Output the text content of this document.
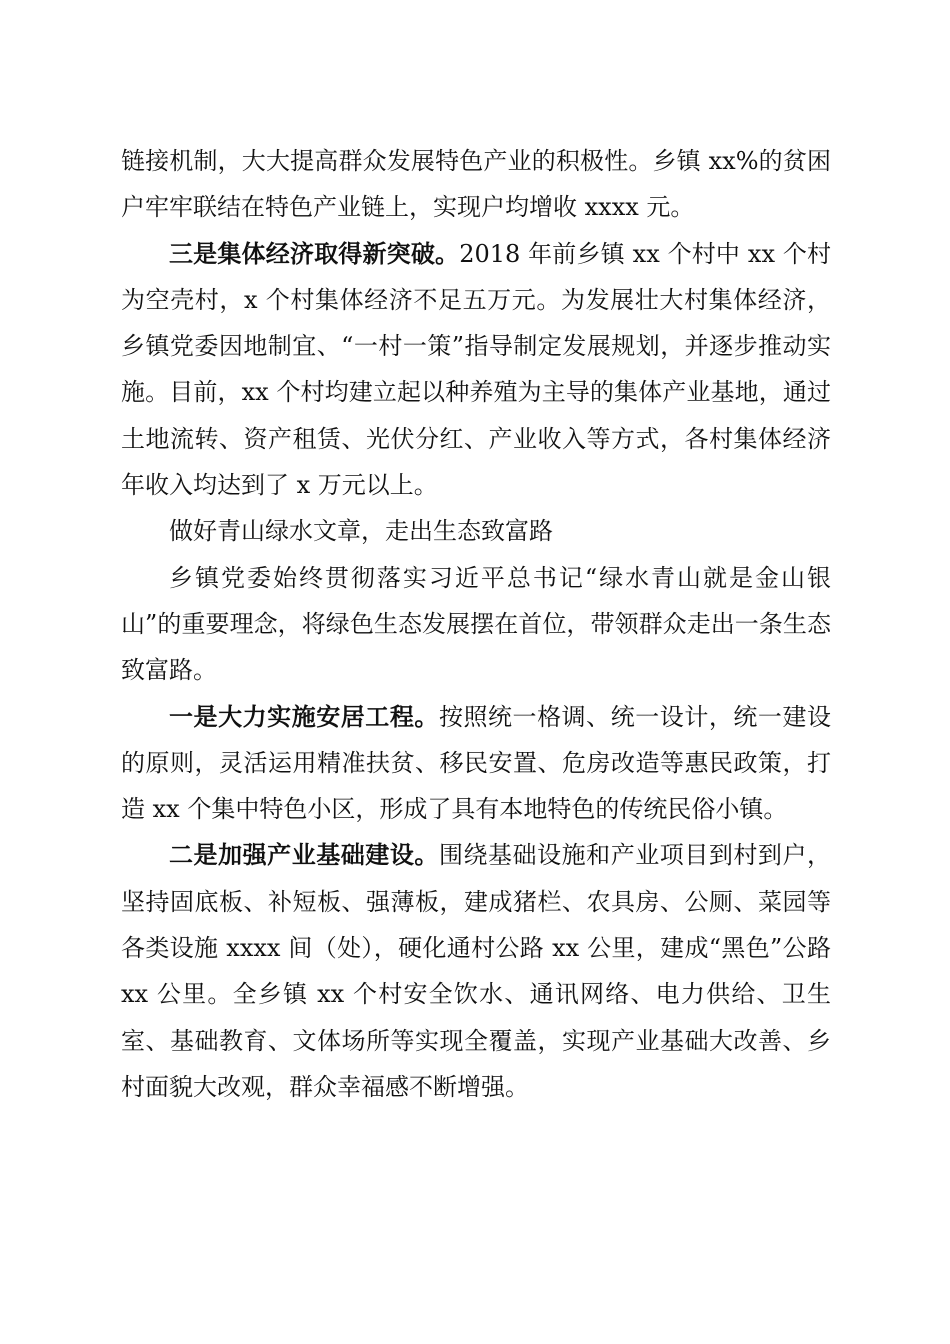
链接机制，大大提高群众发展特色产业的积极性。乡镇 xx%的贫困户牢牢联结在特色产业链上，实现户均增收 xxxx 元。

三是集体经济取得新突破。2018 年前乡镇 xx 个村中 xx 个村为空壳村，x 个村集体经济不足五万元。为发展壮大村集体经济，乡镇党委因地制宜、“一村一策”指导制定发展规划，并逐步推动实施。目前，xx 个村均建立起以种养殖为主导的集体产业基地，通过土地流转、资产租赁、光伏分红、产业收入等方式，各村集体经济年收入均达到了 x 万元以上。

做好青山绿水文章，走出生态致富路

乡镇党委始终贯彻落实习近平总书记“绿水青山就是金山银山”的重要理念，将绿色生态发展摆在首位，带领群众走出一条生态致富路。

一是大力实施安居工程。按照统一格调、统一设计，统一建设的原则，灵活运用精准扶贫、移民安置、危房改造等惠民政策，打造 xx 个集中特色小区，形成了具有本地特色的传统民俗小镇。

二是加强产业基础建设。围绕基础设施和产业项目到村到户，坚持固底板、补短板、强薄板，建成猪栏、农具房、公厕、菜园等各类设施 xxxx 间（处），硬化通村公路 xx 公里，建成“黑色”公路 xx 公里。全乡镇 xx 个村安全饮水、通讯网络、电力供给、卫生室、基础教育、文体场所等实现全覆盖，实现产业基础大改善、乡村面貌大改观，群众幸福感不断增强。
